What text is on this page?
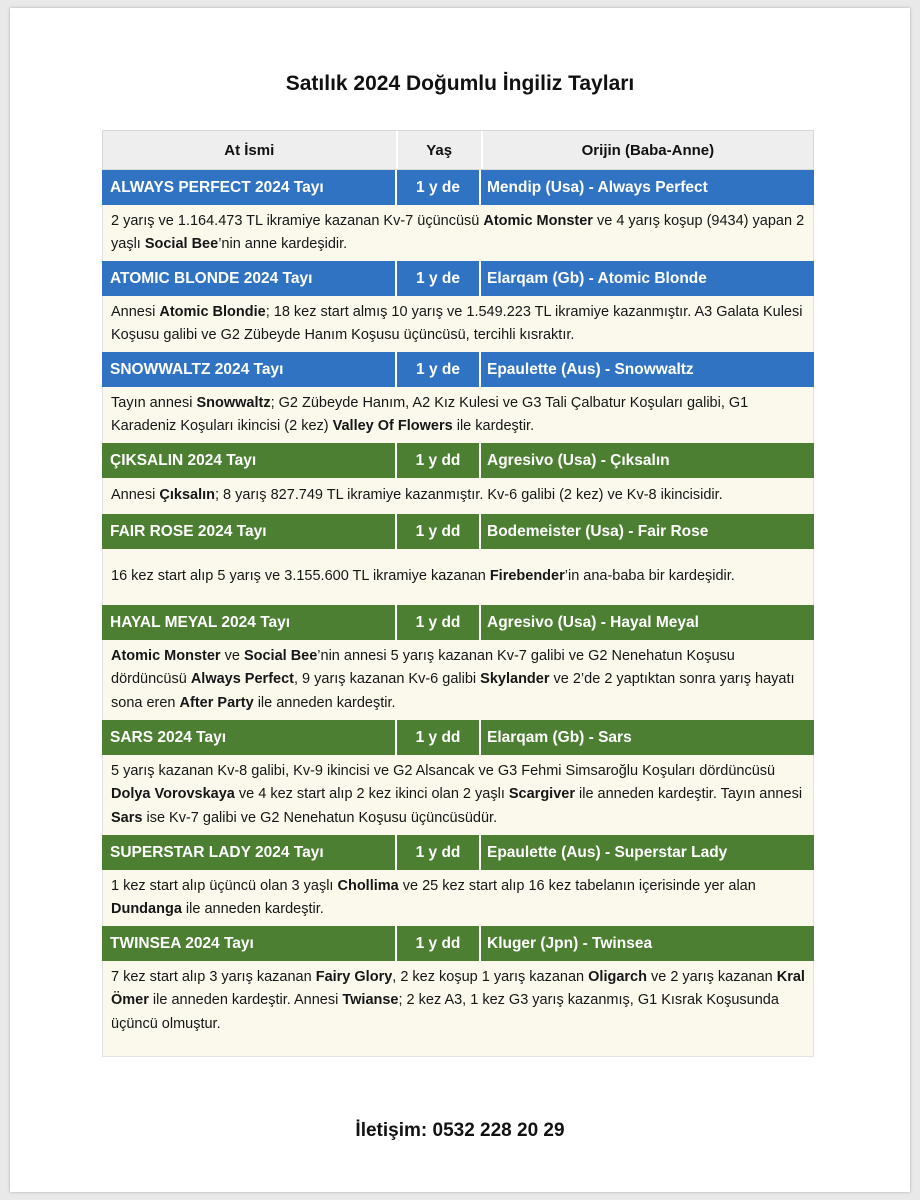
Satılık 2024 Doğumlu İngiliz Tayları
At İsmi	Yaş	Orijin (Baba-Anne)
ALWAYS PERFECT 2024 Tayı	1 y de	Mendip (Usa) - Always Perfect
2 yarış ve 1.164.473 TL ikramiye kazanan Kv-7 üçüncüsü Atomic Monster ve 4 yarış koşup (9434) yapan 2 yaşlı Social Bee’nin anne kardeşidir.
ATOMIC BLONDE 2024 Tayı	1 y de	Elarqam (Gb) - Atomic Blonde
Annesi Atomic Blondie; 18 kez start almış 10 yarış ve 1.549.223 TL ikramiye kazanmıştır. A3 Galata Kulesi Koşusu galibi ve G2 Zübeyde Hanım Koşusu üçüncüsü, tercihli kısraktır.
SNOWWALTZ 2024 Tayı	1 y de	Epaulette (Aus) - Snowwaltz
Tayın annesi Snowwaltz; G2 Zübeyde Hanım, A2 Kız Kulesi ve G3 Tali Çalbatur Koşuları galibi, G1 Karadeniz Koşuları ikincisi (2 kez) Valley Of Flowers ile kardeştir.
ÇIKSALIN 2024 Tayı	1 y dd	Agresivo (Usa) - Çıksalın
Annesi Çıksalın; 8 yarış 827.749 TL ikramiye kazanmıştır. Kv-6 galibi (2 kez) ve Kv-8 ikincisidir.
FAIR ROSE 2024 Tayı	1 y dd	Bodemeister (Usa) - Fair Rose
16 kez start alıp 5 yarış ve 3.155.600 TL ikramiye kazanan Firebender’in ana-baba bir kardeşidir.
HAYAL MEYAL 2024 Tayı	1 y dd	Agresivo (Usa) - Hayal Meyal
Atomic Monster ve Social Bee’nin annesi 5 yarış kazanan Kv-7 galibi ve G2 Nenehatun Koşusu dördüncüsü Always Perfect, 9 yarış kazanan Kv-6 galibi Skylander ve 2’de 2 yaptıktan sonra yarış hayatı sona eren After Party ile anneden kardeştir.
SARS 2024 Tayı	1 y dd	Elarqam (Gb) - Sars
5 yarış kazanan Kv-8 galibi, Kv-9 ikincisi ve G2 Alsancak ve G3 Fehmi Simsaroğlu Koşuları dördüncüsü Dolya Vorovskaya ve 4 kez start alıp 2 kez ikinci olan 2 yaşlı Scargiver ile anneden kardeştir. Tayın annesi Sars ise Kv-7 galibi ve G2 Nenehatun Koşusu üçüncüsüdür.
SUPERSTAR LADY 2024 Tayı	1 y dd	Epaulette (Aus) - Superstar Lady
1 kez start alıp üçüncü olan 3 yaşlı Chollima ve 25 kez start alıp 16 kez tabelanın içerisinde yer alan Dundanga ile anneden kardeştir.
TWINSEA 2024 Tayı	1 y dd	Kluger (Jpn) - Twinsea
7 kez start alıp 3 yarış kazanan Fairy Glory, 2 kez koşup 1 yarış kazanan Oligarch ve 2 yarış kazanan Kral Ömer ile anneden kardeştir. Annesi Twianse; 2 kez A3, 1 kez G3 yarış kazanmış, G1 Kısrak Koşusunda üçüncü olmuştur.
İletişim: 0532 228 20 29
